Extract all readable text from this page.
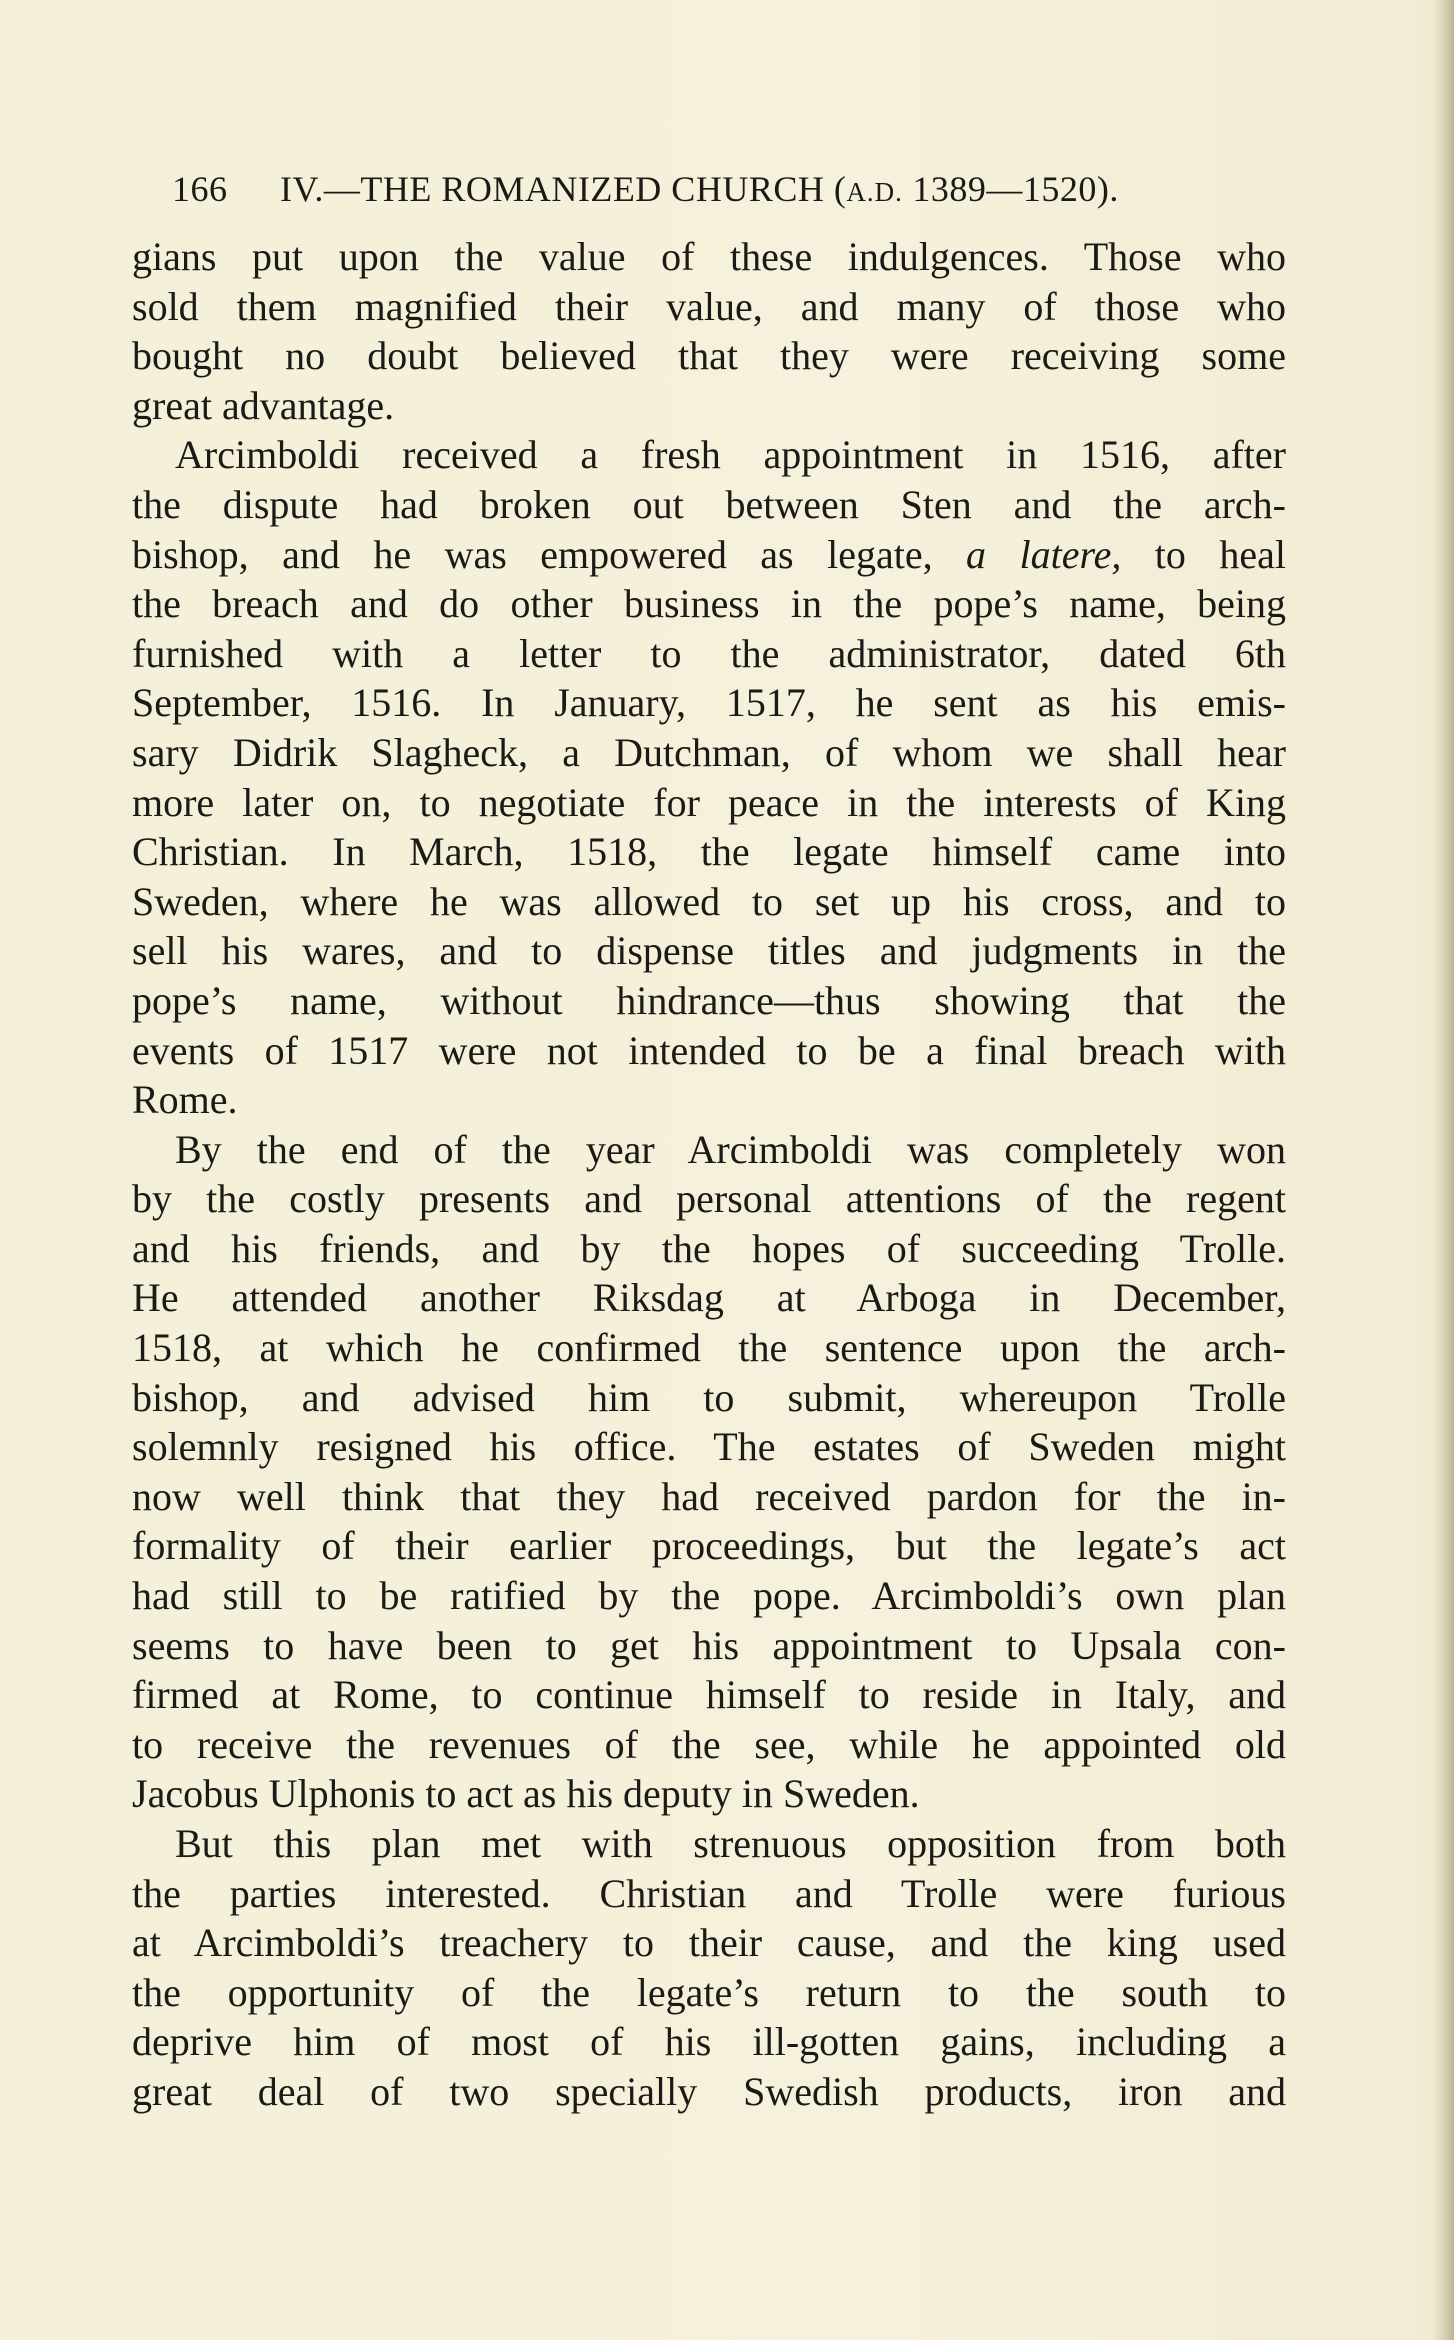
166 IV.—THE ROMANIZED CHURCH (A.D. 1389—1520).
gians put upon the value of these indulgences. Those who
sold them magnified their value, and many of those who
bought no doubt believed that they were receiving some
great advantage.
Arcimboldi received a fresh appointment in 1516, after
the dispute had broken out between Sten and the arch-
bishop, and he was empowered as legate, a latere, to heal
the breach and do other business in the pope’s name, being
furnished with a letter to the administrator, dated 6th
September, 1516. In January, 1517, he sent as his emis-
sary Didrik Slagheck, a Dutchman, of whom we shall hear
more later on, to negotiate for peace in the interests of King
Christian. In March, 1518, the legate himself came into
Sweden, where he was allowed to set up his cross, and to
sell his wares, and to dispense titles and judgments in the
pope’s name, without hindrance—thus showing that the
events of 1517 were not intended to be a final breach with
Rome.
By the end of the year Arcimboldi was completely won
by the costly presents and personal attentions of the regent
and his friends, and by the hopes of succeeding Trolle.
He attended another Riksdag at Arboga in December,
1518, at which he confirmed the sentence upon the arch-
bishop, and advised him to submit, whereupon Trolle
solemnly resigned his office. The estates of Sweden might
now well think that they had received pardon for the in-
formality of their earlier proceedings, but the legate’s act
had still to be ratified by the pope. Arcimboldi’s own plan
seems to have been to get his appointment to Upsala con-
firmed at Rome, to continue himself to reside in Italy, and
to receive the revenues of the see, while he appointed old
Jacobus Ulphonis to act as his deputy in Sweden.
But this plan met with strenuous opposition from both
the parties interested. Christian and Trolle were furious
at Arcimboldi’s treachery to their cause, and the king used
the opportunity of the legate’s return to the south to
deprive him of most of his ill-gotten gains, including a
great deal of two specially Swedish products, iron and
